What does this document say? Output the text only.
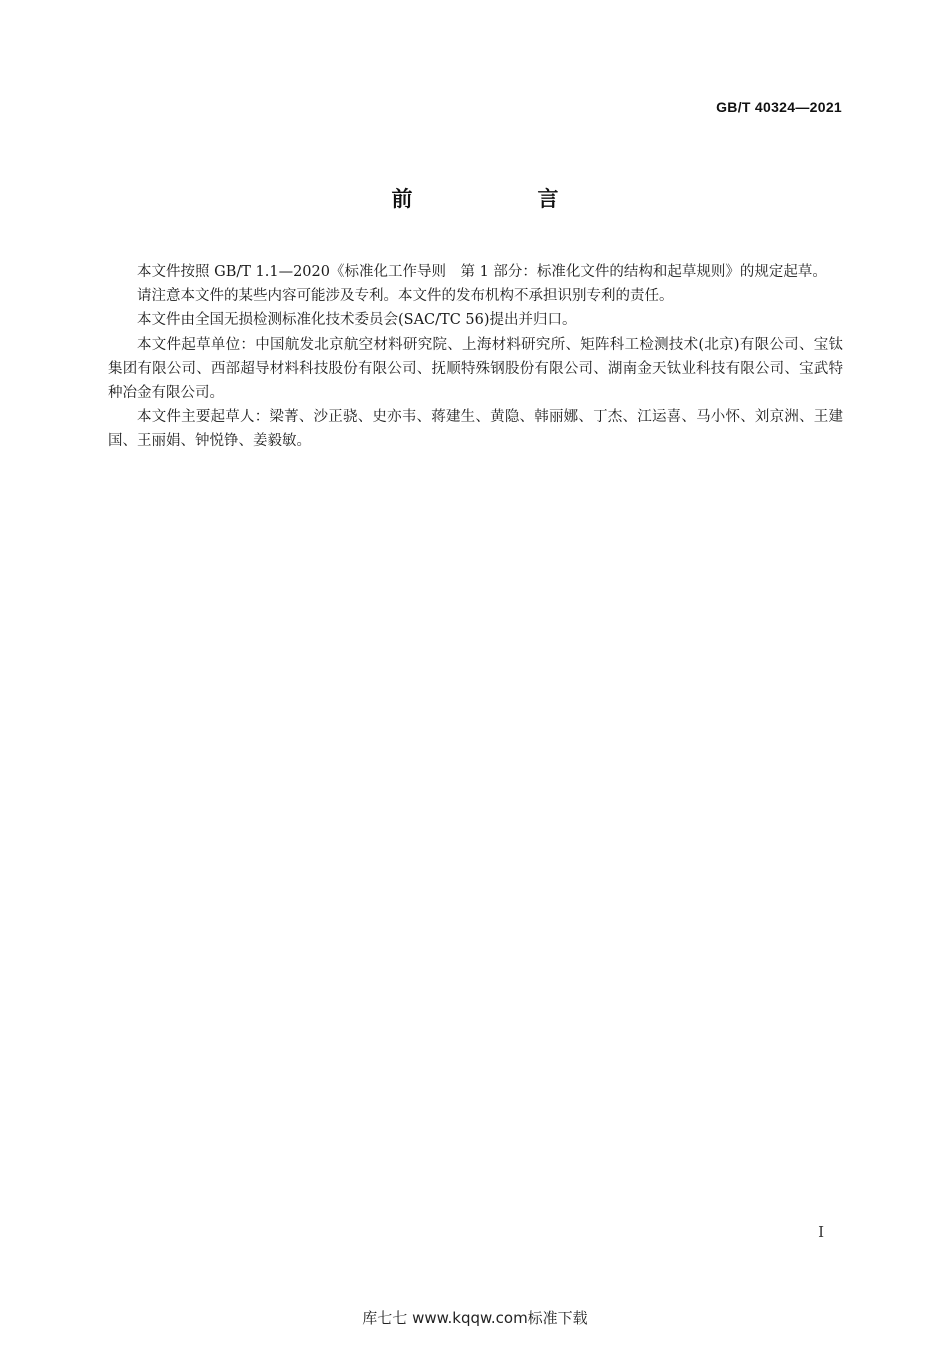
GB/T 40324—2021
前　言

本文件按照 GB/T 1.1—2020《标准化工作导则　第 1 部分：标准化文件的结构和起草规则》的规定起草。

请注意本文件的某些内容可能涉及专利。本文件的发布机构不承担识别专利的责任。

本文件由全国无损检测标准化技术委员会(SAC/TC 56)提出并归口。

本文件起草单位：中国航发北京航空材料研究院、上海材料研究所、矩阵科工检测技术(北京)有限公司、宝钛集团有限公司、西部超导材料科技股份有限公司、抚顺特殊钢股份有限公司、湖南金天钛业科技有限公司、宝武特种冶金有限公司。

本文件主要起草人：梁菁、沙正骁、史亦韦、蒋建生、黄隐、韩丽娜、丁杰、江运喜、马小怀、刘京洲、王建国、王丽娟、钟悦铮、姜毅敏。

I
库七七 www.kqqw.com标准下载
